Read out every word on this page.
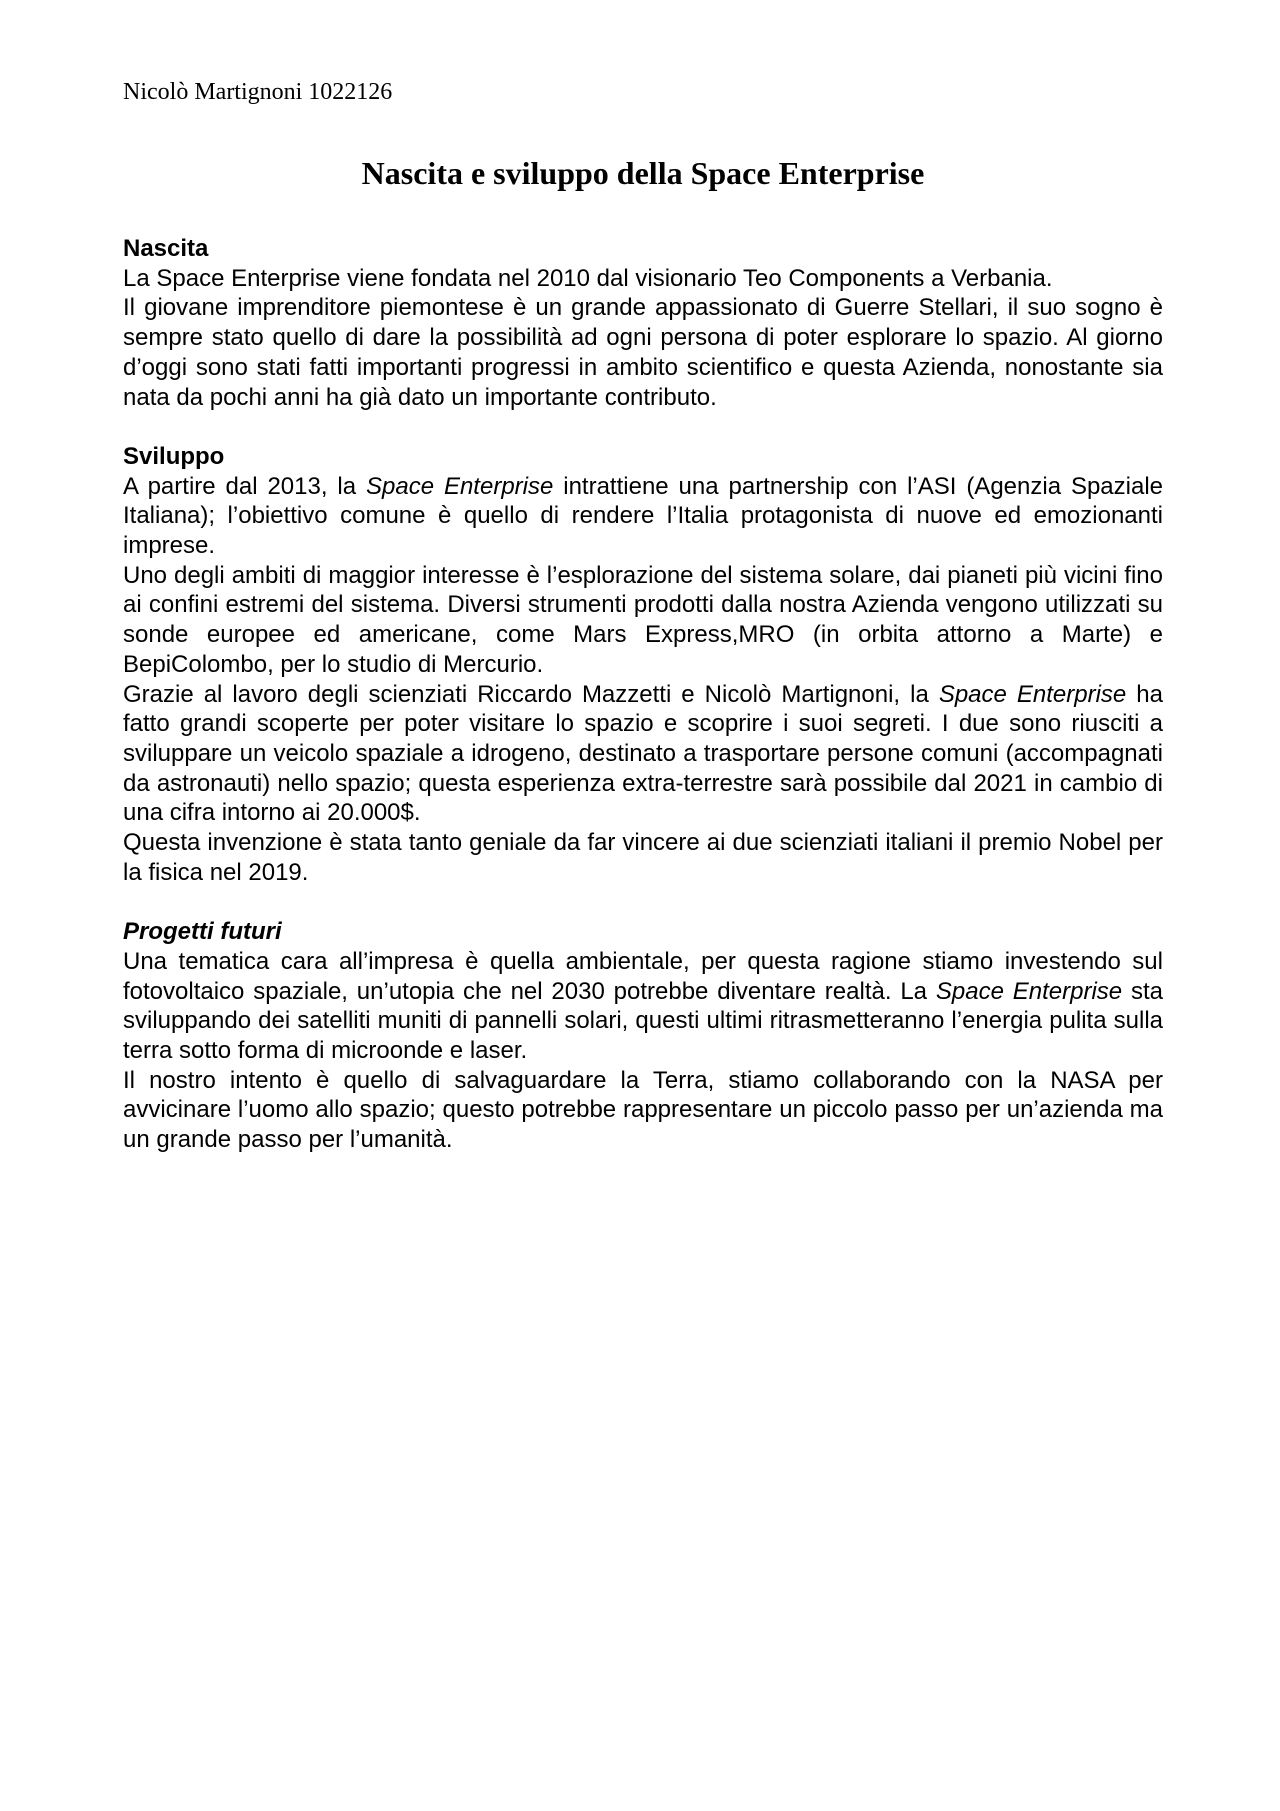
Nicolò Martignoni 1022126
Nascita e sviluppo della Space Enterprise
Nascita

La Space Enterprise viene fondata nel 2010 dal visionario Teo Components a Verbania.

Il giovane imprenditore piemontese è un grande appassionato di Guerre Stellari, il suo sogno è sempre stato quello di dare la possibilità ad ogni persona di poter esplorare lo spazio. Al giorno d’oggi sono stati fatti importanti progressi in ambito scientifico e questa Azienda, nonostante sia nata da pochi anni ha già dato un importante contributo.

Sviluppo

A partire dal 2013, la Space Enterprise intrattiene una partnership con l’ASI (Agenzia Spaziale Italiana); l’obiettivo comune è quello di rendere l’Italia protagonista di nuove ed emozionanti imprese.

Uno degli ambiti di maggior interesse è l’esplorazione del sistema solare, dai pianeti più vicini fino ai confini estremi del sistema. Diversi strumenti prodotti dalla nostra Azienda vengono utilizzati su sonde europee ed americane, come Mars Express,MRO (in orbita attorno a Marte) e BepiColombo, per lo studio di Mercurio.

Grazie al lavoro degli scienziati Riccardo Mazzetti e Nicolò Martignoni, la Space Enterprise ha fatto grandi scoperte per poter visitare lo spazio e scoprire i suoi segreti. I due sono riusciti a sviluppare un veicolo spaziale a idrogeno, destinato a trasportare persone comuni (accompagnati da astronauti) nello spazio; questa esperienza extra-terrestre sarà possibile dal 2021 in cambio di una cifra intorno ai 20.000$.

Questa invenzione è stata tanto geniale da far vincere ai due scienziati italiani il premio Nobel per la fisica nel 2019.

Progetti futuri

Una tematica cara all’impresa è quella ambientale, per questa ragione stiamo investendo sul fotovoltaico spaziale, un’utopia che nel 2030 potrebbe diventare realtà. La Space Enterprise sta sviluppando dei satelliti muniti di pannelli solari, questi ultimi ritrasmetteranno l’energia pulita sulla terra sotto forma di microonde e laser.

Il nostro intento è quello di salvaguardare la Terra, stiamo collaborando con la NASA per avvicinare l’uomo allo spazio; questo potrebbe rappresentare un piccolo passo per un’azienda ma un grande passo per l’umanità.
